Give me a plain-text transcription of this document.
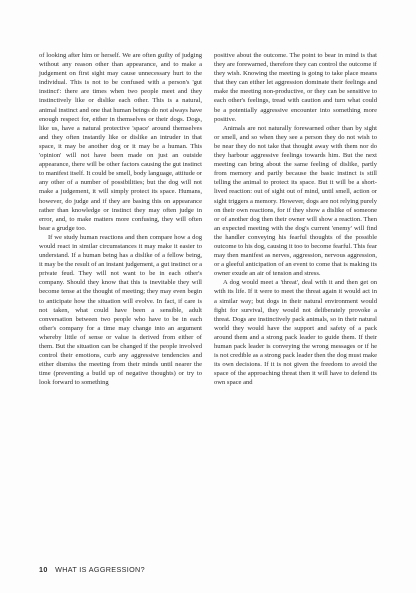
of looking after him or herself. We are often guilty of judging without any reason other than appearance, and to make a judgement on first sight may cause unnecessary hurt to the individual. This is not to be confused with a person's 'gut instinct': there are times when two people meet and they instinctively like or dislike each other. This is a natural, animal instinct and one that human beings do not always have enough respect for, either in themselves or their dogs. Dogs, like us, have a natural protective 'space' around themselves and they often instantly like or dislike an intruder in that space, it may be another dog or it may be a human. This 'opinion' will not have been made on just an outside appearance, there will be other factors causing the gut instinct to manifest itself. It could be smell, body language, attitude or any other of a number of possibilities; but the dog will not make a judgement, it will simply protect its space. Humans, however, do judge and if they are basing this on appearance rather than knowledge or instinct they may often judge in error, and, to make matters more confusing, they will often bear a grudge too.

If we study human reactions and then compare how a dog would react in similar circumstances it may make it easier to understand. If a human being has a dislike of a fellow being, it may be the result of an instant judgement, a gut instinct or a private feud. They will not want to be in each other's company. Should they know that this is inevitable they will become tense at the thought of meeting; they may even begin to anticipate how the situation will evolve. In fact, if care is not taken, what could have been a sensible, adult conversation between two people who have to be in each other's company for a time may change into an argument whereby little of sense or value is derived from either of them. But the situation can be changed if the people involved control their emotions, curb any aggressive tendencies and either dismiss the meeting from their minds until nearer the time (preventing a build up of negative thoughts) or try to look forward to something

positive about the outcome. The point to bear in mind is that they are forewarned, therefore they can control the outcome if they wish. Knowing the meeting is going to take place means that they can either let aggression dominate their feelings and make the meeting non-productive, or they can be sensitive to each other's feelings, tread with caution and turn what could be a potentially aggressive encounter into something more positive.

Animals are not naturally forewarned other than by sight or smell, and so when they see a person they do not wish to be near they do not take that thought away with them nor do they harbour aggressive feelings towards him. But the next meeting can bring about the same feeling of dislike, partly from memory and partly because the basic instinct is still telling the animal to protect its space. But it will be a short-lived reaction: out of sight out of mind, until smell, action or sight triggers a memory. However, dogs are not relying purely on their own reactions, for if they show a dislike of someone or of another dog then their owner will show a reaction. Then an expected meeting with the dog's current 'enemy' will find the handler conveying his fearful thoughts of the possible outcome to his dog, causing it too to become fearful. This fear may then manifest as nerves, aggression, nervous aggression, or a gleeful anticipation of an event to come that is making its owner exude an air of tension and stress.

A dog would meet a 'threat', deal with it and then get on with its life. If it were to meet the threat again it would act in a similar way; but dogs in their natural environment would fight for survival, they would not deliberately provoke a threat. Dogs are instinctively pack animals, so in their natural world they would have the support and safety of a pack around them and a strong pack leader to guide them. If their human pack leader is conveying the wrong messages or if he is not credible as a strong pack leader then the dog must make its own decisions. If it is not given the freedom to avoid the space of the approaching threat then it will have to defend its own space and

10 WHAT IS AGGRESSION?
